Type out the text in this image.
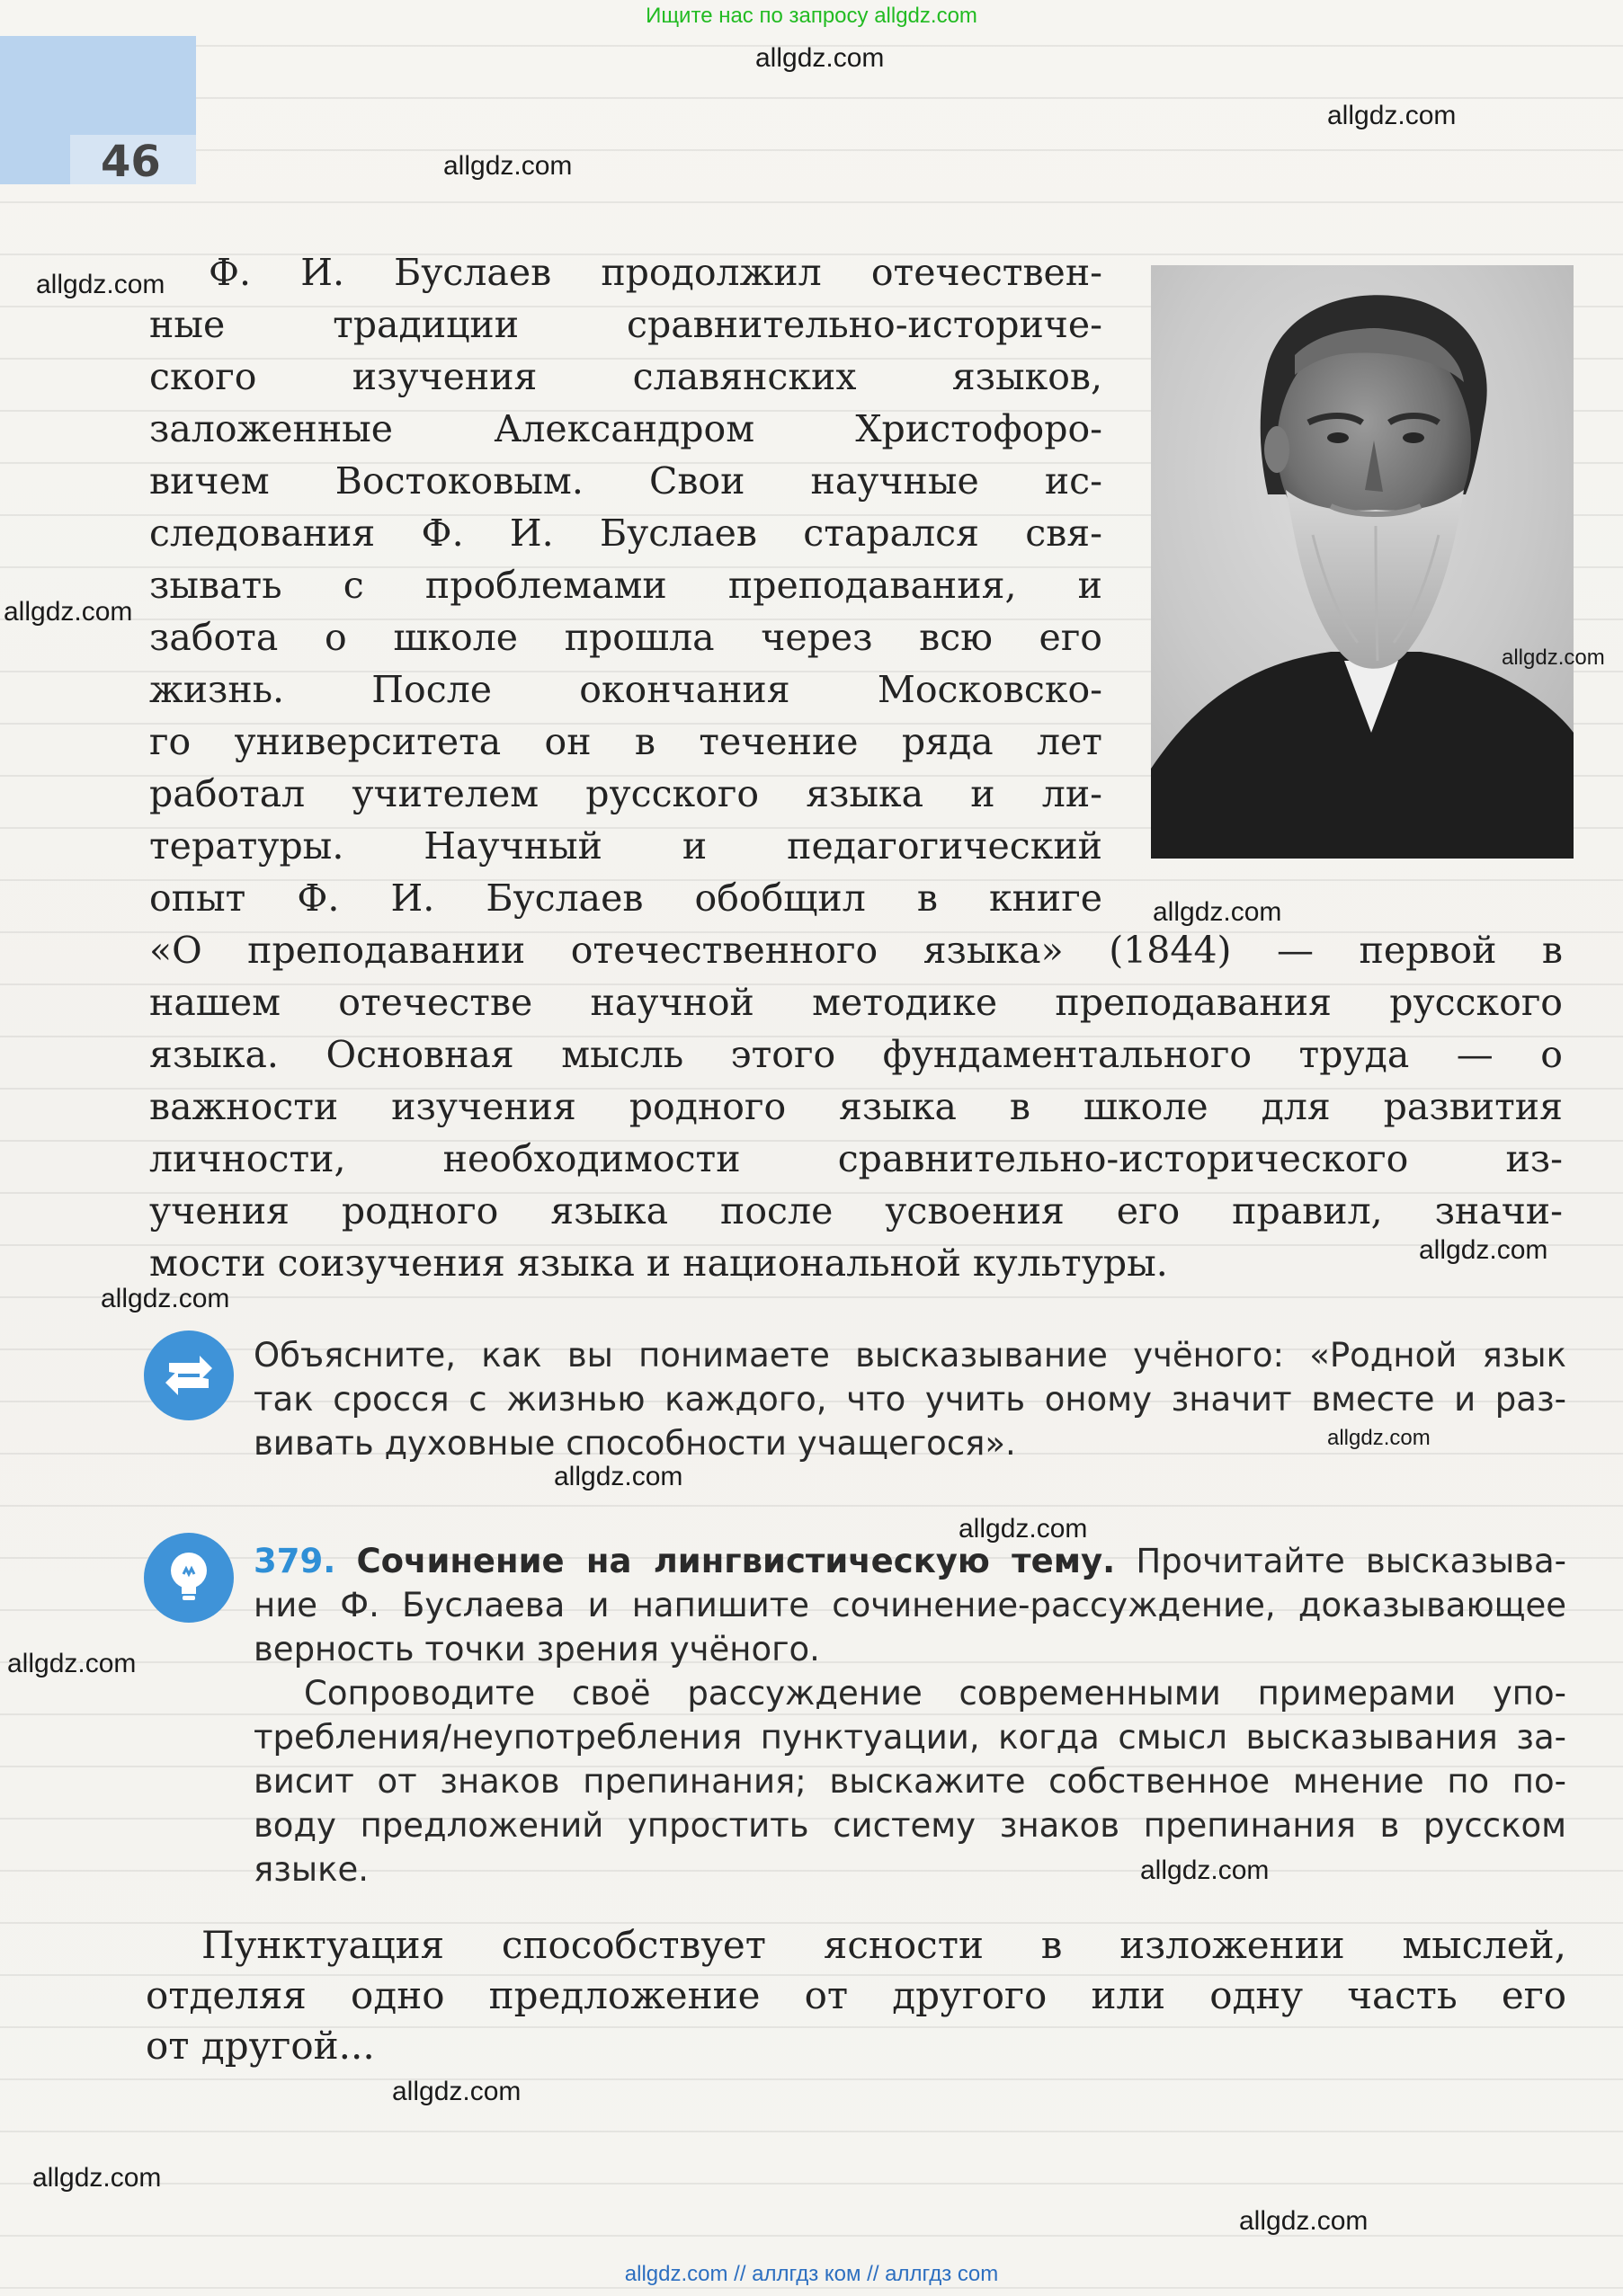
46
Ищите нас по запросу allgdz.com
Ф. И. Буслаев продолжил отечествен-
ные традиции сравнительно-историче-
ского изучения славянских языков,
заложенные Александром Христофоро-
вичем Востоковым. Свои научные ис-
следования Ф. И. Буслаев старался свя-
зывать с проблемами преподавания, и
забота о школе прошла через всю его
жизнь. После окончания Московско-
го университета он в течение ряда лет
работал учителем русского языка и ли-
тературы. Научный и педагогический
опыт Ф. И. Буслаев обобщил в книге
«О преподавании отечественного языка» (1844) — первой в
нашем отечестве научной методике преподавания русского
языка. Основная мысль этого фундаментального труда — о
важности изучения родного языка в школе для развития
личности, необходимости сравнительно-исторического из-
учения родного языка после усвоения его правил, значи-
мости соизучения языка и национальной культуры.
Объясните, как вы понимаете высказывание учёного: «Родной язык
так сросся с жизнью каждого, что учить оному значит вместе и раз-
вивать духовные способности учащегося».
379. Сочинение на лингвистическую тему. Прочитайте высказыва-
ние Ф. Буслаева и напишите сочинение-рассуждение, доказывающее
верность точки зрения учёного.
Сопроводите своё рассуждение современными примерами упо-
требления/неупотребления пунктуации, когда смысл высказывания за-
висит от знаков препинания; выскажите собственное мнение по по-
воду предложений упростить систему знаков препинания в русском
языке.
Пунктуация способствует ясности в изложении мыслей,
отделяя одно предложение от другого или одну часть его
от другой...
allgdz.com
allgdz.com
allgdz.com
allgdz.com
allgdz.com
allgdz.com
allgdz.com
allgdz.com
allgdz.com
allgdz.com
allgdz.com
allgdz.com
allgdz.com
allgdz.com
allgdz.com
allgdz.com
allgdz.com
allgdz.com // аллгдз ком // аллгдз com
